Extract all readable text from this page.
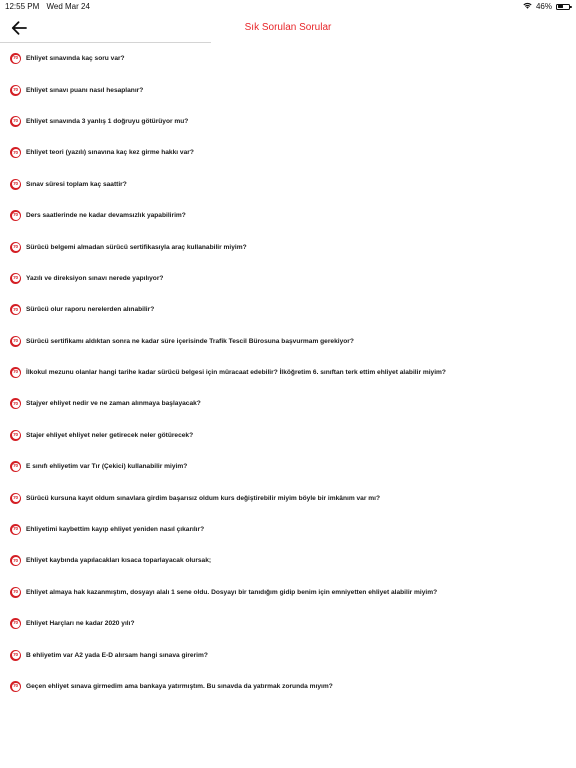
12:55 PM Wed Mar 24	46%
Sık Sorulan Sorular
70 Ehliyet sınavında kaç soru var?
70 Ehliyet sınavı puanı nasıl hesaplanır?
70 Ehliyet sınavında 3 yanlış 1 doğruyu götürüyor mu?
70 Ehliyet teori (yazılı) sınavına kaç kez girme hakkı var?
70 Sınav süresi toplam kaç saattir?
70 Ders saatlerinde ne kadar devamsızlık yapabilirim?
70 Sürücü belgemi almadan sürücü sertifikasıyla araç kullanabilir miyim?
70 Yazılı ve direksiyon sınavı nerede yapılıyor?
70 Sürücü olur raporu nerelerden alınabilir?
70 Sürücü sertifikamı aldıktan sonra ne kadar süre içerisinde Trafik Tescil Bürosuna başvurmam gerekiyor?
70 İlkokul mezunu olanlar hangi tarihe kadar sürücü belgesi için müracaat edebilir? İlköğretim 6. sınıftan terk ettim ehliyet alabilir miyim?
70 Stajyer ehliyet nedir ve ne zaman alınmaya başlayacak?
70 Stajer ehliyet ehliyet neler getirecek neler götürecek?
70 E sınıfı ehliyetim var Tır (Çekici) kullanabilir miyim?
70 Sürücü kursuna kayıt oldum sınavlara girdim başarısız oldum kurs değiştirebilir miyim böyle bir imkânım var mı?
70 Ehliyetimi kaybettim kayıp ehliyet yeniden nasıl çıkarılır?
70 Ehliyet kaybında yapılacakları kısaca toparlayacak olursak;
70 Ehliyet almaya hak kazanmıştım, dosyayı alalı 1 sene oldu. Dosyayı bir tanıdığım gidip benim için emniyetten ehliyet alabilir miyim?
70 Ehliyet Harçları ne kadar 2020 yılı?
70 B ehliyetim var A2 yada E-D alırsam hangi sınava girerim?
70 Geçen ehliyet sınava girmedim ama bankaya yatırmıştım. Bu sınavda da yatırmak zorunda mıyım?
